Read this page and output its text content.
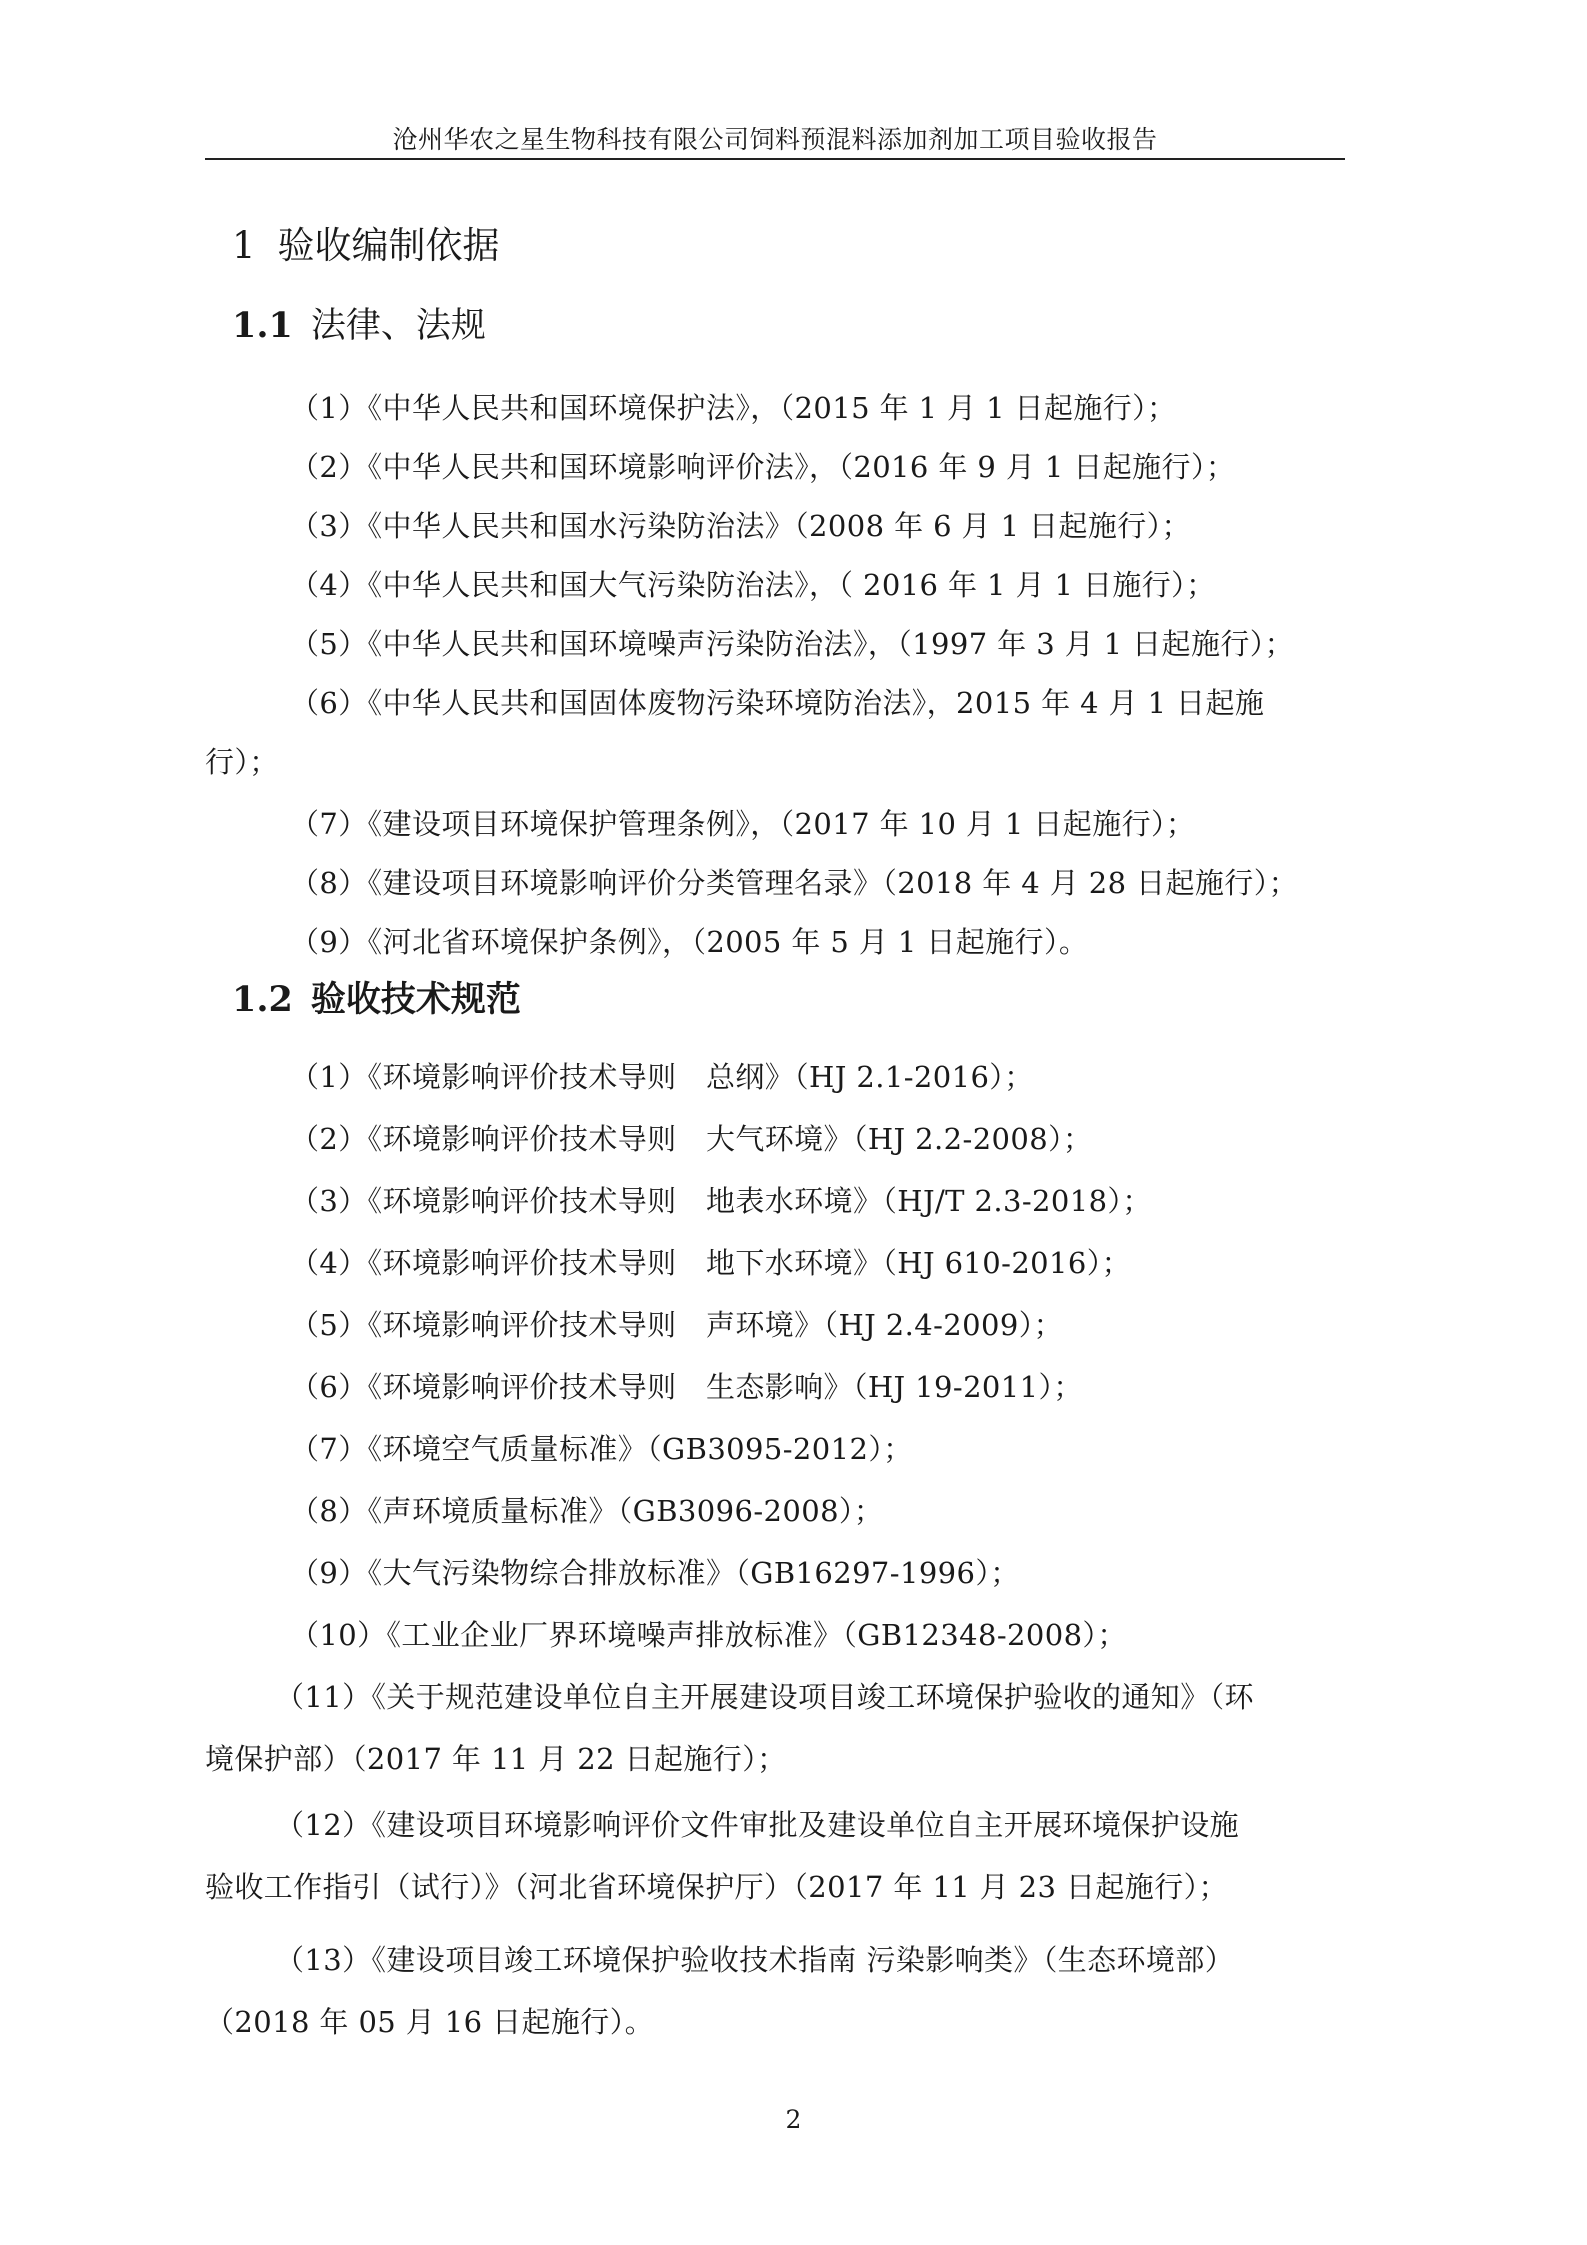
沧州华农之星生物科技有限公司饲料预混料添加剂加工项目验收报告
1 验收编制依据
1.1 法律、法规
（1）《中华人民共和国环境保护法》，（2015 年 1 月 1 日起施行）；
（2）《中华人民共和国环境影响评价法》，（2016 年 9 月 1 日起施行）；
（3）《中华人民共和国水污染防治法》（2008 年 6 月 1 日起施行）；
（4）《中华人民共和国大气污染防治法》，（ 2016 年 1 月 1 日施行）；
（5）《中华人民共和国环境噪声污染防治法》，（1997 年 3 月 1 日起施行）；
（6）《中华人民共和国固体废物污染环境防治法》，2015 年 4 月 1 日起施
行）；
（7）《建设项目环境保护管理条例》，（2017 年 10 月 1 日起施行）；
（8）《建设项目环境影响评价分类管理名录》（2018 年 4 月 28 日起施行）；
（9）《河北省环境保护条例》，（2005 年 5 月 1 日起施行）。
1.2 验收技术规范
（1）《环境影响评价技术导则　总纲》（HJ 2.1-2016）；
（2）《环境影响评价技术导则　大气环境》（HJ 2.2-2008）；
（3）《环境影响评价技术导则　地表水环境》（HJ/T 2.3-2018）；
（4）《环境影响评价技术导则　地下水环境》（HJ 610-2016）；
（5）《环境影响评价技术导则　声环境》（HJ 2.4-2009）；
（6）《环境影响评价技术导则　生态影响》（HJ 19-2011）；
（7）《环境空气质量标准》（GB3095-2012）；
（8）《声环境质量标准》（GB3096-2008）；
（9）《大气污染物综合排放标准》（GB16297-1996）；
（10）《工业企业厂界环境噪声排放标准》（GB12348-2008）；
（11）《关于规范建设单位自主开展建设项目竣工环境保护验收的通知》（环
境保护部）（2017 年 11 月 22 日起施行）；
（12）《建设项目环境影响评价文件审批及建设单位自主开展环境保护设施
验收工作指引（试行）》（河北省环境保护厅）（2017 年 11 月 23 日起施行）；
（13）《建设项目竣工环境保护验收技术指南 污染影响类》（生态环境部）
（2018 年 05 月 16 日起施行）。
2
